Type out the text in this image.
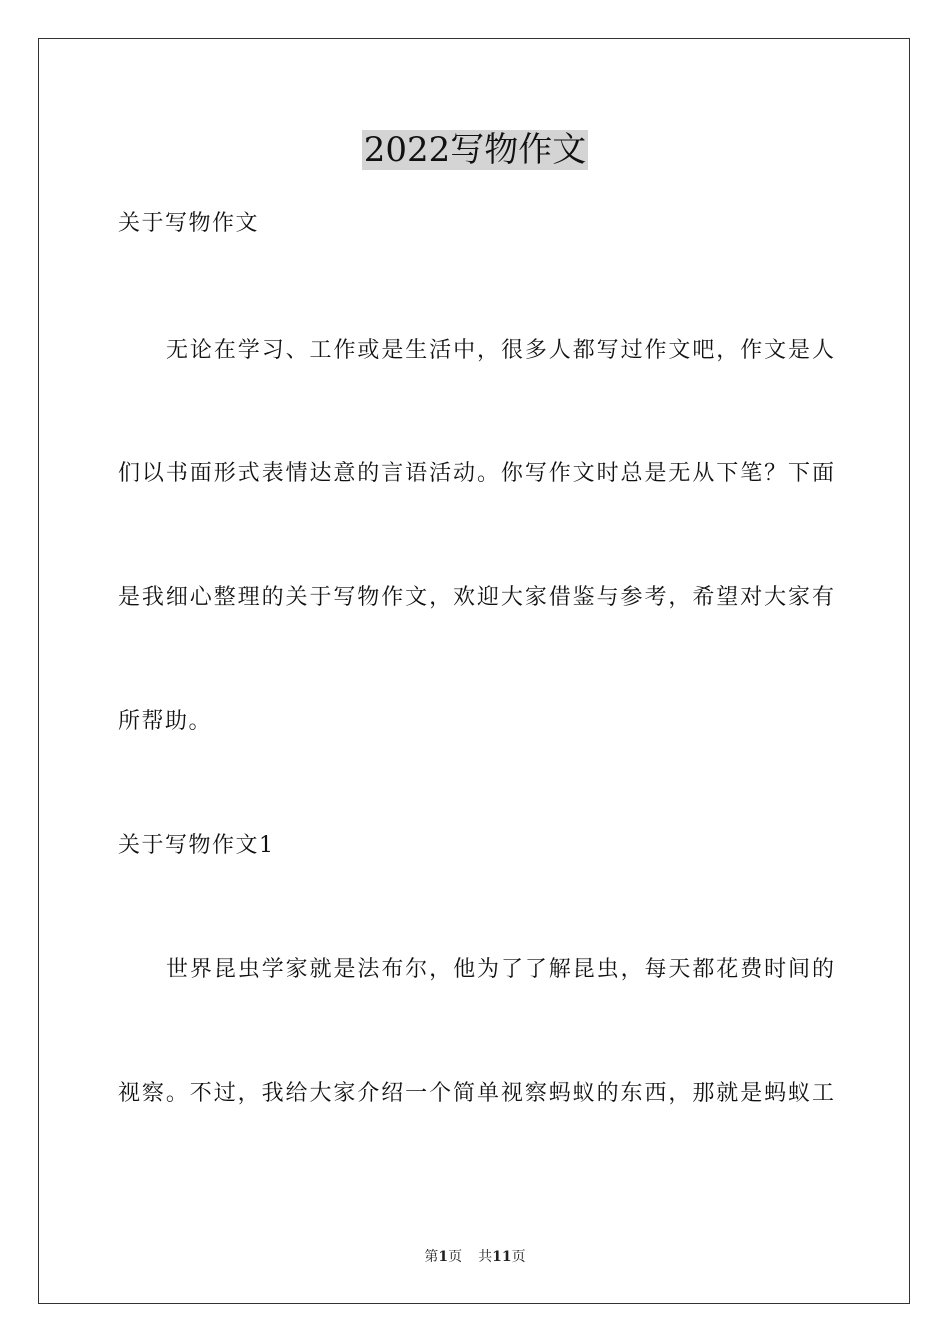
2022写物作文

关于写物作文

无论在学习、工作或是生活中，很多人都写过作文吧，作文是人

们以书面形式表情达意的言语活动。你写作文时总是无从下笔？下面

是我细心整理的关于写物作文，欢迎大家借鉴与参考，希望对大家有

所帮助。

关于写物作文1

世界昆虫学家就是法布尔，他为了了解昆虫，每天都花费时间的

视察。不过，我给大家介绍一个简单视察蚂蚁的东西，那就是蚂蚁工

第1页 共11页
